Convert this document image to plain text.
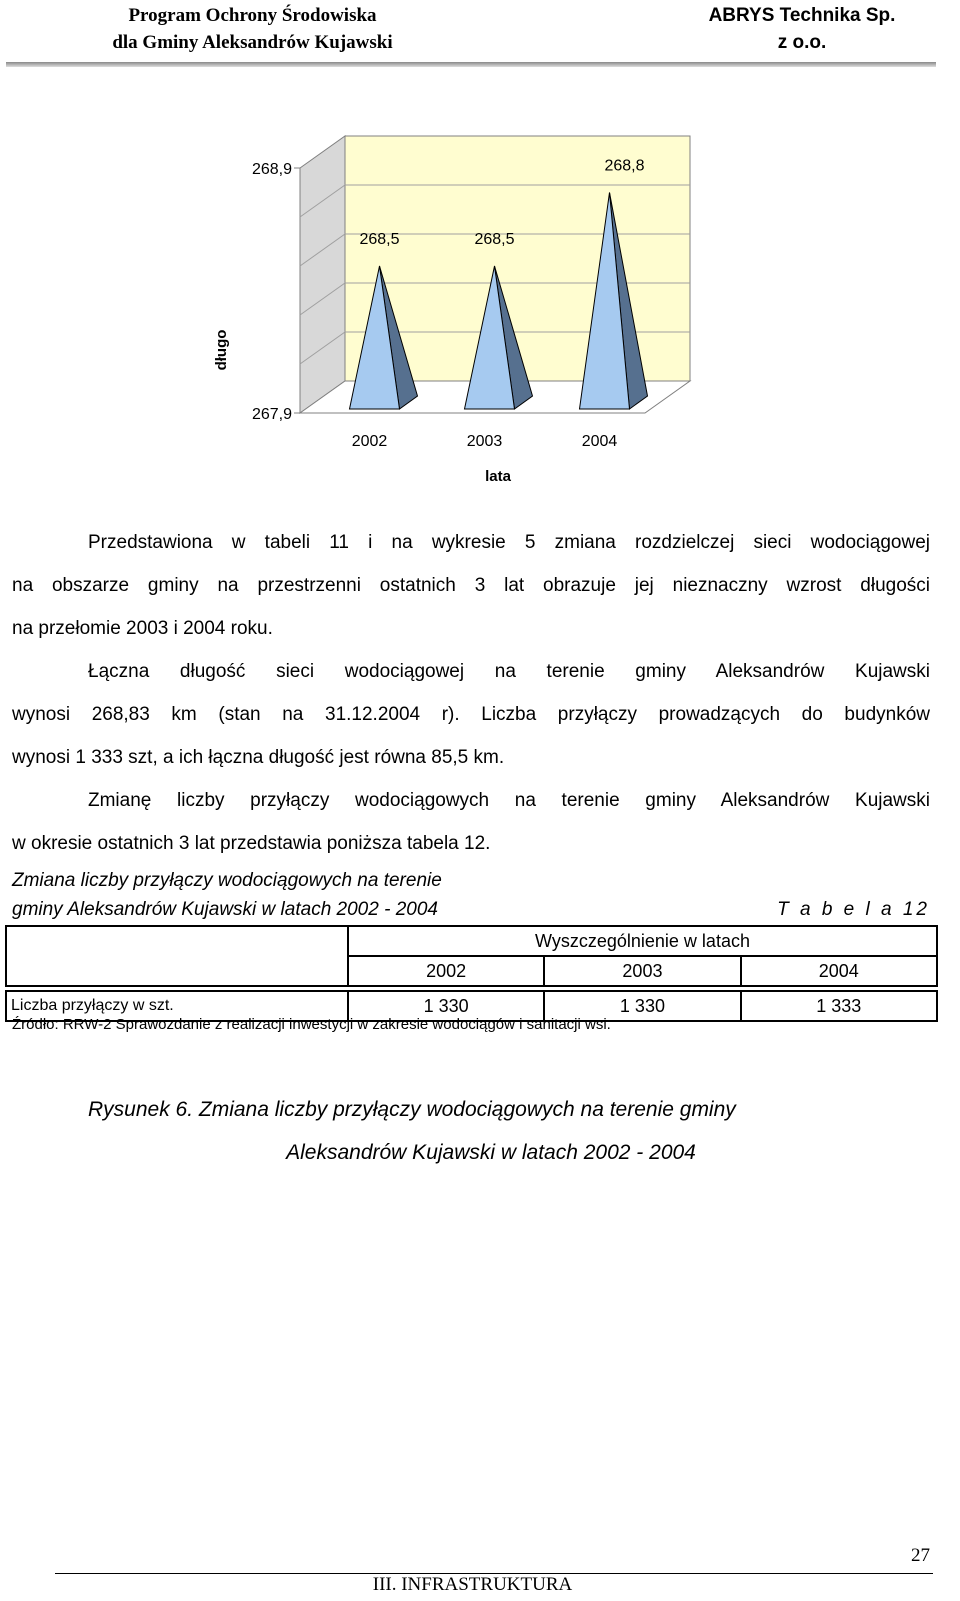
Program Ochrony Środowiska
dla Gminy Aleksandrów Kujawski
ABRYS Technika Sp.
z o.o.
268,9
267,9
2002	2003	2004
268,5	268,5
268,8
długo
lata
Przedstawiona w tabeli 11 i na wykresie 5 zmiana rozdzielczej sieci wodociągowej
na obszarze gminy na przestrzenni ostatnich 3 lat obrazuje jej nieznaczny wzrost długości
na przełomie 2003 i 2004 roku.
Łączna długość sieci wodociągowej na terenie gminy Aleksandrów Kujawski
wynosi 268,83 km (stan na 31.12.2004 r). Liczba przyłączy prowadzących do budynków
wynosi 1 333 szt, a ich łączna długość jest równa 85,5 km.
Zmianę liczby przyłączy wodociągowych na terenie gminy Aleksandrów Kujawski
w okresie ostatnich 3 lat przedstawia poniższa tabela 12.
Zmiana liczby przyłączy wodociągowych na terenie
gminy Aleksandrów Kujawski w latach 2002 - 2004	T a b e l a 12
	Wyszczególnienie w latach		
	2002	2003	2004

Liczba przyłączy w szt.	1 330	1 330	1 333
Źródło: RRW-2 Sprawozdanie z realizacji inwestycji w zakresie wodociągów i sanitacji wsi.
Rysunek 6. Zmiana liczby przyłączy wodociągowych na terenie gminy
Aleksandrów Kujawski w latach 2002 - 2004
27
III. INFRASTRUKTURA
